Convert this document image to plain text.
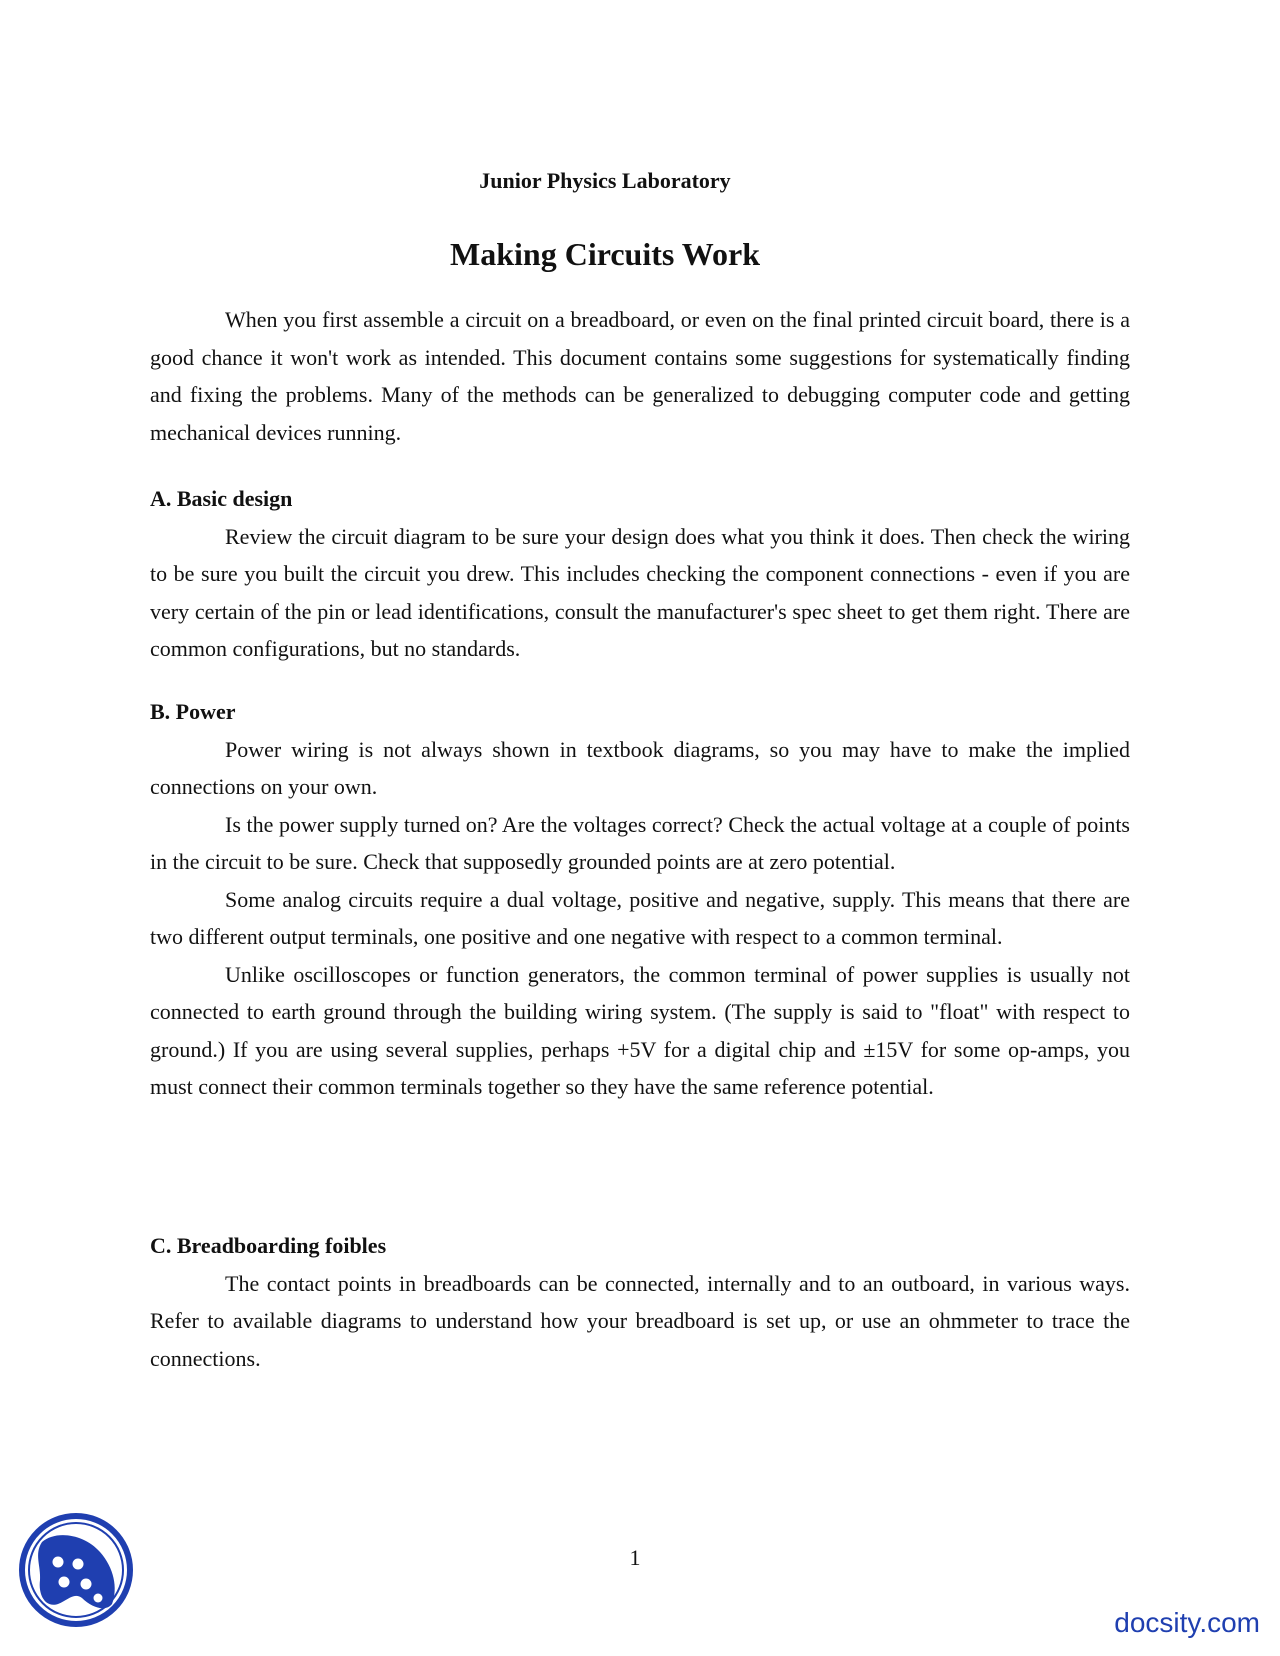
Junior Physics Laboratory
Making Circuits Work

When you first assemble a circuit on a breadboard, or even on the final printed circuit board, there is a good chance it won't work as intended. This document contains some suggestions for systematically finding and fixing the problems. Many of the methods can be generalized to debugging computer code and getting mechanical devices running.

A. Basic design

Review the circuit diagram to be sure your design does what you think it does. Then check the wiring to be sure you built the circuit you drew. This includes checking the component connections - even if you are very certain of the pin or lead identifications, consult the manufacturer's spec sheet to get them right. There are common configurations, but no standards.

B. Power

Power wiring is not always shown in textbook diagrams, so you may have to make the implied connections on your own.

Is the power supply turned on? Are the voltages correct? Check the actual voltage at a couple of points in the circuit to be sure. Check that supposedly grounded points are at zero potential.

Some analog circuits require a dual voltage, positive and negative, supply. This means that there are two different output terminals, one positive and one negative with respect to a common terminal.

Unlike oscilloscopes or function generators, the common terminal of power supplies is usually not connected to earth ground through the building wiring system. (The supply is said to "float" with respect to ground.) If you are using several supplies, perhaps +5V for a digital chip and ±15V for some op-amps, you must connect their common terminals together so they have the same reference potential.

C. Breadboarding foibles

The contact points in breadboards can be connected, internally and to an outboard, in various ways. Refer to available diagrams to understand how your breadboard is set up, or use an ohmmeter to trace the connections.

1
docsity.com
